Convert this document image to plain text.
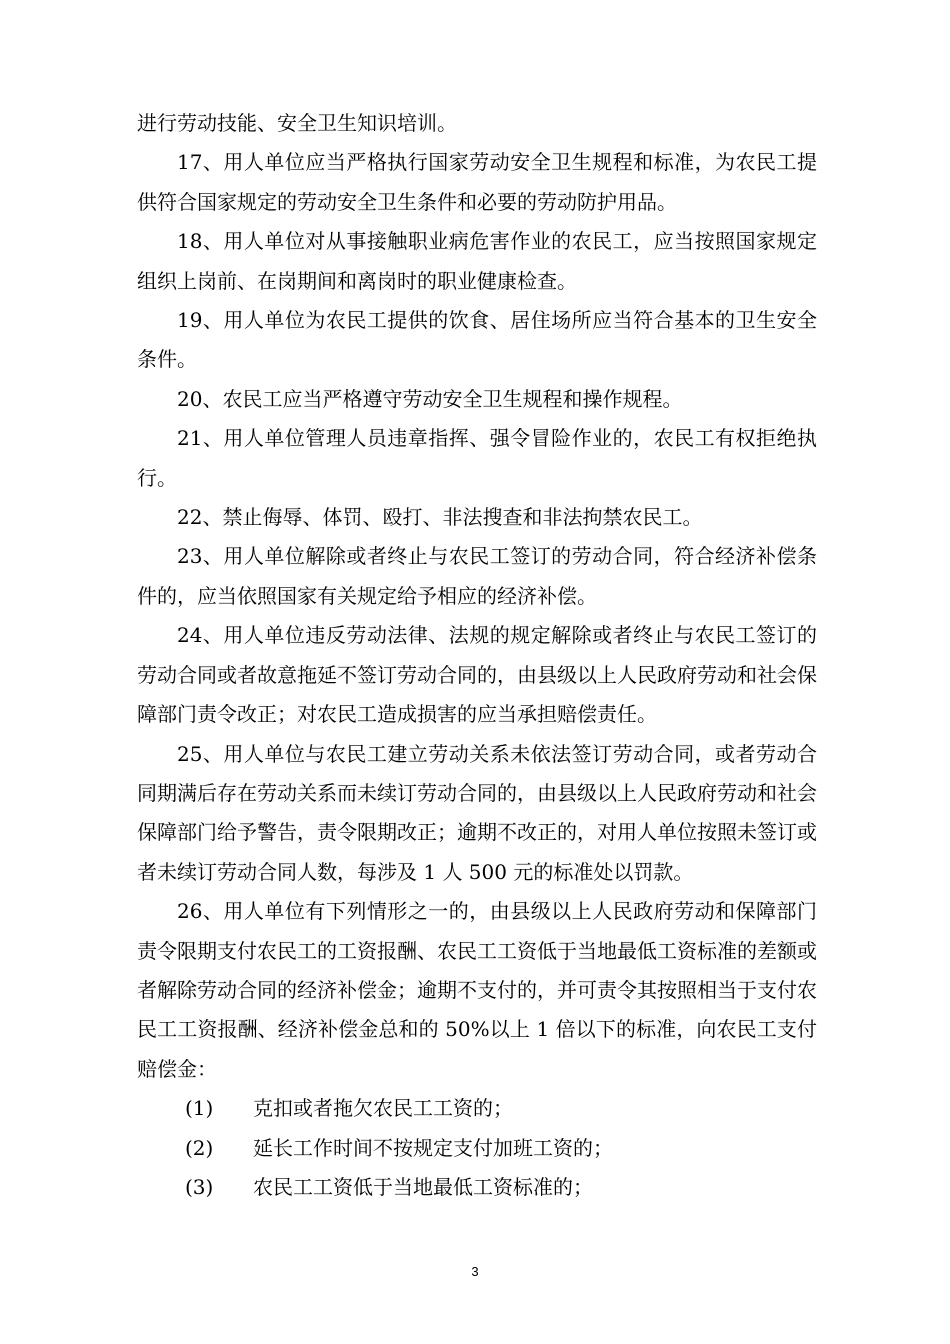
进行劳动技能、安全卫生知识培训。

17、用人单位应当严格执行国家劳动安全卫生规程和标准，为农民工提供符合国家规定的劳动安全卫生条件和必要的劳动防护用品。

18、用人单位对从事接触职业病危害作业的农民工，应当按照国家规定组织上岗前、在岗期间和离岗时的职业健康检查。

19、用人单位为农民工提供的饮食、居住场所应当符合基本的卫生安全条件。

20、农民工应当严格遵守劳动安全卫生规程和操作规程。

21、用人单位管理人员违章指挥、强令冒险作业的，农民工有权拒绝执行。

22、禁止侮辱、体罚、殴打、非法搜查和非法拘禁农民工。

23、用人单位解除或者终止与农民工签订的劳动合同，符合经济补偿条件的，应当依照国家有关规定给予相应的经济补偿。

24、用人单位违反劳动法律、法规的规定解除或者终止与农民工签订的劳动合同或者故意拖延不签订劳动合同的，由县级以上人民政府劳动和社会保障部门责令改正；对农民工造成损害的应当承担赔偿责任。

25、用人单位与农民工建立劳动关系未依法签订劳动合同，或者劳动合同期满后存在劳动关系而未续订劳动合同的，由县级以上人民政府劳动和社会保障部门给予警告，责令限期改正；逾期不改正的，对用人单位按照未签订或者未续订劳动合同人数，每涉及 1 人 500 元的标准处以罚款。

26、用人单位有下列情形之一的，由县级以上人民政府劳动和保障部门责令限期支付农民工的工资报酬、农民工工资低于当地最低工资标准的差额或者解除劳动合同的经济补偿金；逾期不支付的，并可责令其按照相当于支付农民工工资报酬、经济补偿金总和的 50%以上 1 倍以下的标准，向农民工支付赔偿金：

(1)	克扣或者拖欠农民工工资的；
(2)	延长工作时间不按规定支付加班工资的；
(3)	农民工工资低于当地最低工资标准的；
3
